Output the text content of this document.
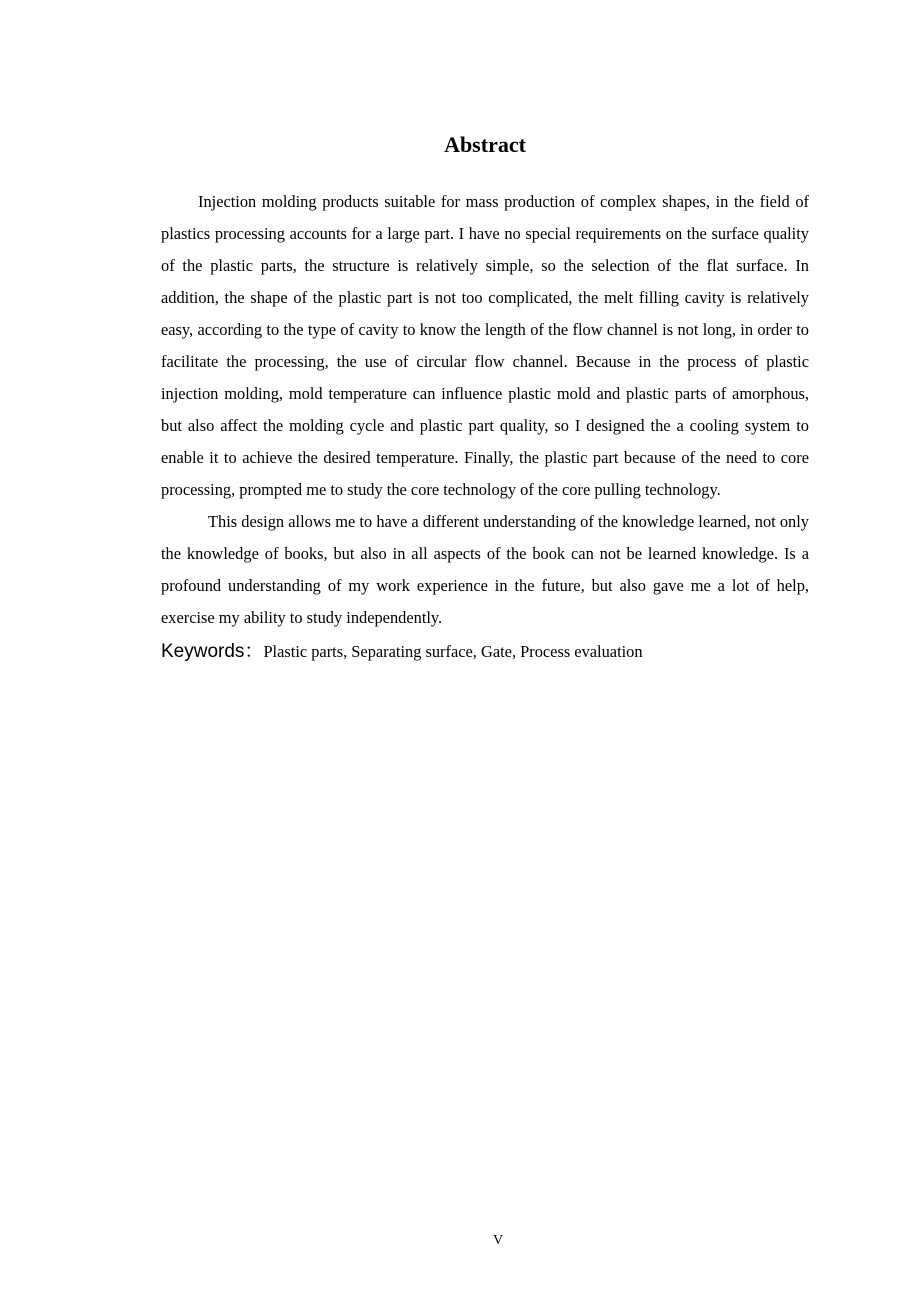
Abstract

Injection molding products suitable for mass production of complex shapes, in the field of plastics processing accounts for a large part. I have no special requirements on the surface quality of the plastic parts, the structure is relatively simple, so the selection of the flat surface. In addition, the shape of the plastic part is not too complicated, the melt filling cavity is relatively easy, according to the type of cavity to know the length of the flow channel is not long, in order to facilitate the processing, the use of circular flow channel. Because in the process of plastic injection molding, mold temperature can influence plastic mold and plastic parts of amorphous, but also affect the molding cycle and plastic part quality, so I designed the a cooling system to enable it to achieve the desired temperature. Finally, the plastic part because of the need to core processing, prompted me to study the core technology of the core pulling technology.

This design allows me to have a different understanding of the knowledge learned, not only the knowledge of books, but also in all aspects of the book can not be learned knowledge. Is a profound understanding of my work experience in the future, but also gave me a lot of help, exercise my ability to study independently.

Keywords：Plastic parts, Separating surface, Gate, Process evaluation

V
